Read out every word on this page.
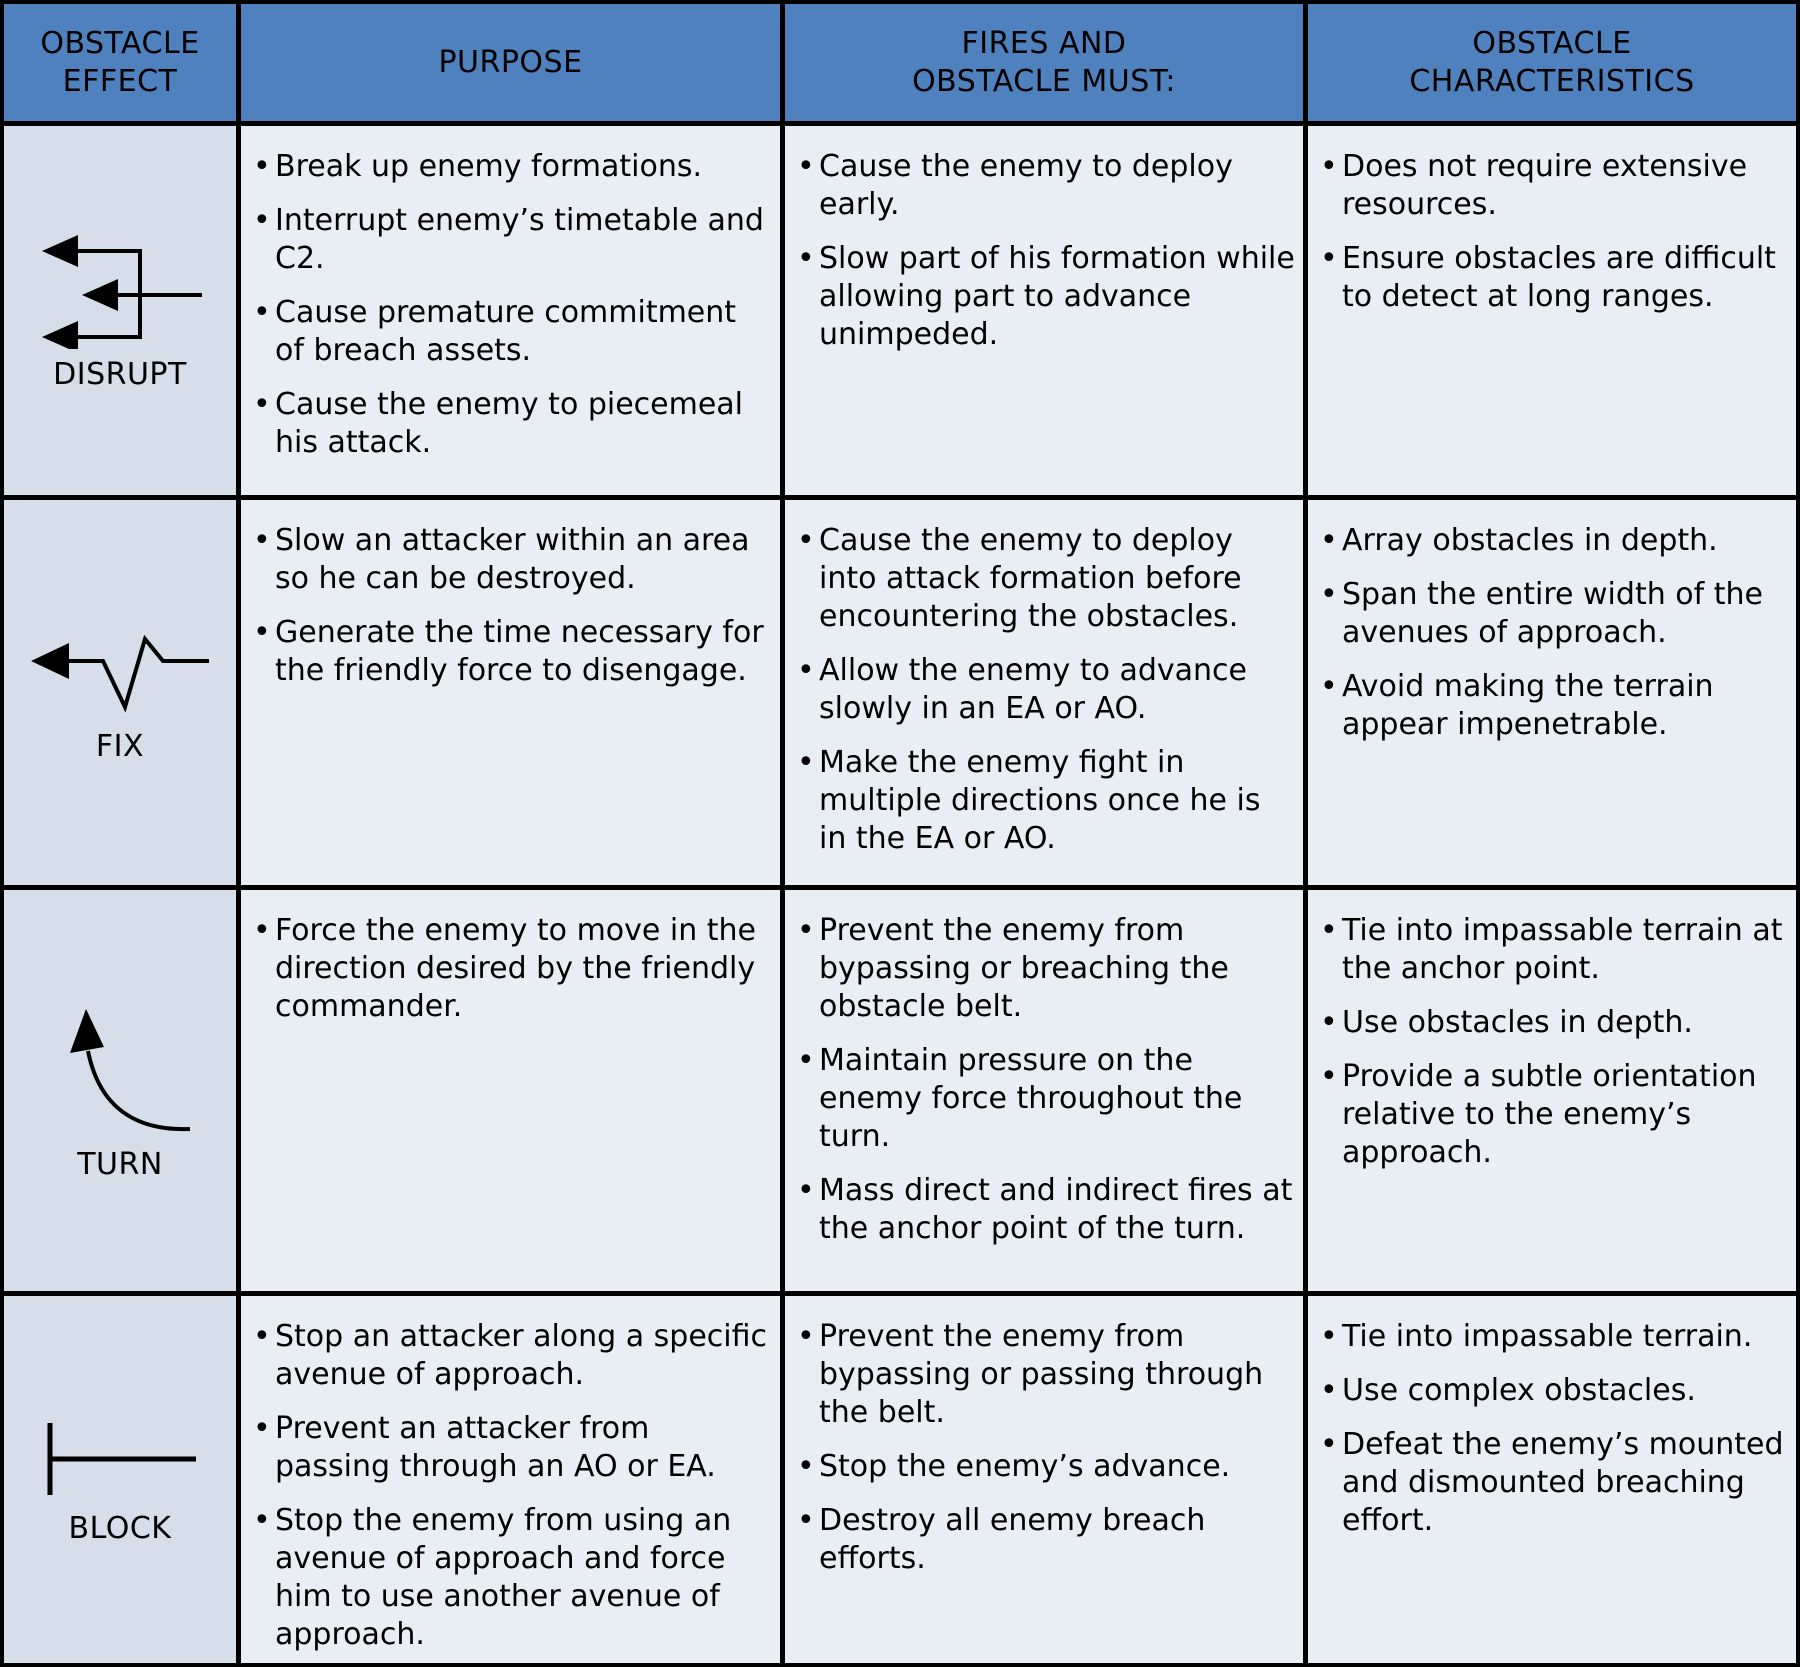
OBSTACLE
EFFECT
PURPOSE
FIRES AND
OBSTACLE MUST:
OBSTACLE
CHARACTERISTICS
DISRUPT
• Break up enemy formations.
• Interrupt enemy’s timetable and C2.
• Cause premature commitment of breach assets.
• Cause the enemy to piecemeal his attack.
• Cause the enemy to deploy early.
• Slow part of his formation while allowing part to advance unimpeded.
• Does not require extensive resources.
• Ensure obstacles are difficult to detect at long ranges.
FIX
• Slow an attacker within an area so he can be destroyed.
• Generate the time necessary for the friendly force to disengage.
• Cause the enemy to deploy into attack formation before encountering the obstacles.
• Allow the enemy to advance slowly in an EA or AO.
• Make the enemy fight in multiple directions once he is in the EA or AO.
• Array obstacles in depth.
• Span the entire width of the avenues of approach.
• Avoid making the terrain appear impenetrable.
TURN
• Force the enemy to move in the direction desired by the friendly commander.
• Prevent the enemy from bypassing or breaching the obstacle belt.
• Maintain pressure on the enemy force throughout the turn.
• Mass direct and indirect fires at the anchor point of the turn.
• Tie into impassable terrain at the anchor point.
• Use obstacles in depth.
• Provide a subtle orientation relative to the enemy’s approach.
BLOCK
• Stop an attacker along a specific avenue of approach.
• Prevent an attacker from passing through an AO or EA.
• Stop the enemy from using an avenue of approach and force him to use another avenue of approach.
• Prevent the enemy from bypassing or passing through the belt.
• Stop the enemy’s advance.
• Destroy all enemy breach efforts.
• Tie into impassable terrain.
• Use complex obstacles.
• Defeat the enemy’s mounted and dismounted breaching effort.
